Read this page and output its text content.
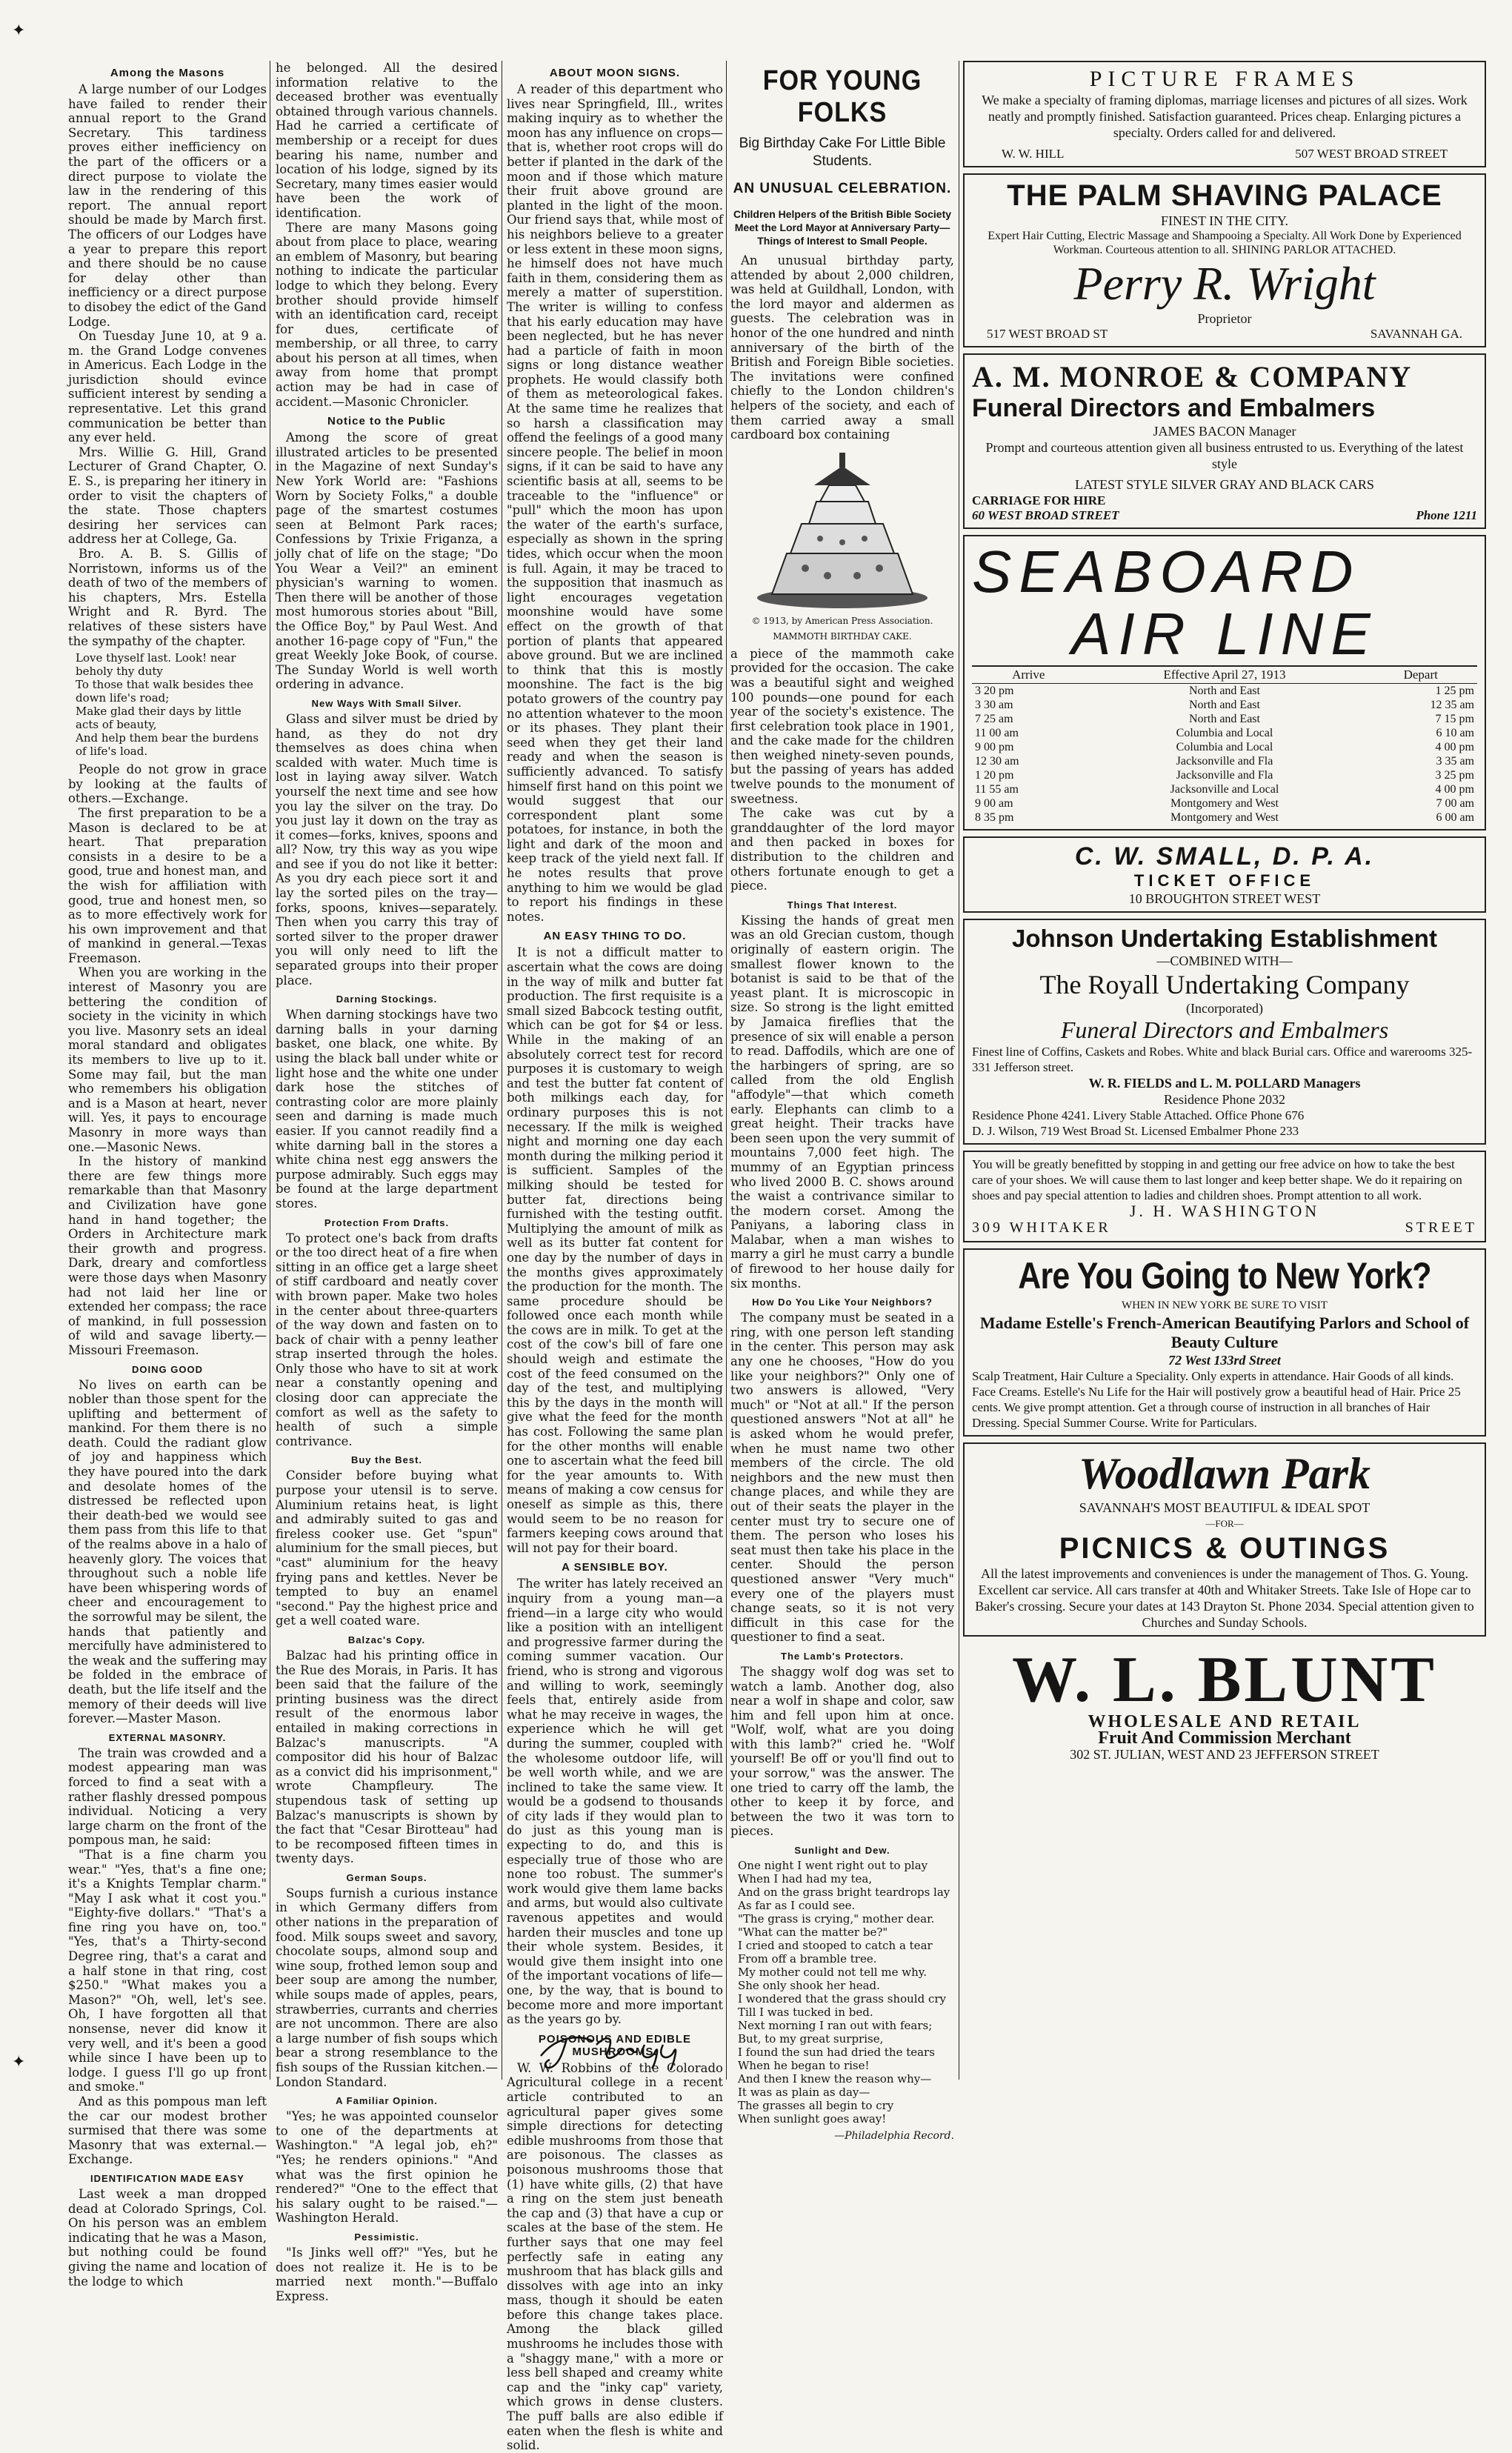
✦
✦
Among the Masons

A large number of our Lodges have failed to render their annual report to the Grand Secretary. This tardiness proves either inefficiency on the part of the officers or a direct purpose to violate the law in the rendering of this report. The annual report should be made by March first. The officers of our Lodges have a year to prepare this report and there should be no cause for delay other than inefficiency or a direct purpose to disobey the edict of the Gand Lodge.

On Tuesday June 10, at 9 a. m. the Grand Lodge convenes in Americus. Each Lodge in the jurisdiction should evince sufficient interest by sending a representative. Let this grand communication be better than any ever held.

Mrs. Willie G. Hill, Grand Lecturer of Grand Chapter, O. E. S., is preparing her itinery in order to visit the chapters of the state. Those chapters desiring her services can address her at College, Ga.

Bro. A. B. S. Gillis of Norristown, informs us of the death of two of the members of his chapters, Mrs. Estella Wright and R. Byrd. The relatives of these sisters have the sympathy of the chapter.

Love thyself last. Look! near beholy thy duty
To those that walk besides thee down life's road;
Make glad their days by little acts of beauty,
And help them bear the burdens of life's load.

People do not grow in grace by looking at the faults of others.—Exchange.

The first preparation to be a Mason is declared to be at heart. That preparation consists in a desire to be a good, true and honest man, and the wish for affiliation with good, true and honest men, so as to more effectively work for his own improvement and that of mankind in general.—Texas Freemason.

When you are working in the interest of Masonry you are bettering the condition of society in the vicinity in which you live. Masonry sets an ideal moral standard and obligates its members to live up to it. Some may fail, but the man who remembers his obligation and is a Mason at heart, never will. Yes, it pays to encourage Masonry in more ways than one.—Masonic News.

In the history of mankind there are few things more remarkable than that Masonry and Civilization have gone hand in hand together; the Orders in Architecture mark their growth and progress. Dark, dreary and comfortless were those days when Masonry had not laid her line or extended her compass; the race of mankind, in full possession of wild and savage liberty.—Missouri Freemason.

DOING GOOD

No lives on earth can be nobler than those spent for the uplifting and betterment of mankind. For them there is no death. Could the radiant glow of joy and happiness which they have poured into the dark and desolate homes of the distressed be reflected upon their death-bed we would see them pass from this life to that of the realms above in a halo of heavenly glory. The voices that throughout such a noble life have been whispering words of cheer and encouragement to the sorrowful may be silent, the hands that patiently and mercifully have administered to the weak and the suffering may be folded in the embrace of death, but the life itself and the memory of their deeds will live forever.—Master Mason.

EXTERNAL MASONRY.

The train was crowded and a modest appearing man was forced to find a seat with a rather flashly dressed pompous individual. Noticing a very large charm on the front of the pompous man, he said:

"That is a fine charm you wear." "Yes, that's a fine one; it's a Knights Templar charm." "May I ask what it cost you." "Eighty-five dollars." "That's a fine ring you have on, too." "Yes, that's a Thirty-second Degree ring, that's a carat and a half stone in that ring, cost $250." "What makes you a Mason?" "Oh, well, let's see. Oh, I have forgotten all that nonsense, never did know it very well, and it's been a good while since I have been up to lodge. I guess I'll go up front and smoke."

And as this pompous man left the car our modest brother surmised that there was some Masonry that was external.—Exchange.

IDENTIFICATION MADE EASY

Last week a man dropped dead at Colorado Springs, Col. On his person was an emblem indicating that he was a Mason, but nothing could be found giving the name and location of the lodge to which

he belonged. All the desired information relative to the deceased brother was eventually obtained through various channels. Had he carried a certificate of membership or a receipt for dues bearing his name, number and location of his lodge, signed by its Secretary, many times easier would have been the work of identification.

There are many Masons going about from place to place, wearing an emblem of Masonry, but bearing nothing to indicate the particular lodge to which they belong. Every brother should provide himself with an identification card, receipt for dues, certificate of membership, or all three, to carry about his person at all times, when away from home that prompt action may be had in case of accident.—Masonic Chronicler.

Notice to the Public

Among the score of great illustrated articles to be presented in the Magazine of next Sunday's New York World are: "Fashions Worn by Society Folks," a double page of the smartest costumes seen at Belmont Park races; Confessions by Trixie Friganza, a jolly chat of life on the stage; "Do You Wear a Veil?" an eminent physician's warning to women. Then there will be another of those most humorous stories about "Bill, the Office Boy," by Paul West. And another 16-page copy of "Fun," the great Weekly Joke Book, of course. The Sunday World is well worth ordering in advance.

New Ways With Small Silver.

Glass and silver must be dried by hand, as they do not dry themselves as does china when scalded with water. Much time is lost in laying away silver. Watch yourself the next time and see how you lay the silver on the tray. Do you just lay it down on the tray as it comes—forks, knives, spoons and all? Now, try this way as you wipe and see if you do not like it better: As you dry each piece sort it and lay the sorted piles on the tray—forks, spoons, knives—separately. Then when you carry this tray of sorted silver to the proper drawer you will only need to lift the separated groups into their proper place.

Darning Stockings.

When darning stockings have two darning balls in your darning basket, one black, one white. By using the black ball under white or light hose and the white one under dark hose the stitches of contrasting color are more plainly seen and darning is made much easier. If you cannot readily find a white darning ball in the stores a white china nest egg answers the purpose admirably. Such eggs may be found at the large department stores.

Protection From Drafts.

To protect one's back from drafts or the too direct heat of a fire when sitting in an office get a large sheet of stiff cardboard and neatly cover with brown paper. Make two holes in the center about three-quarters of the way down and fasten on to back of chair with a penny leather strap inserted through the holes. Only those who have to sit at work near a constantly opening and closing door can appreciate the comfort as well as the safety to health of such a simple contrivance.

Buy the Best.

Consider before buying what purpose your utensil is to serve. Aluminium retains heat, is light and admirably suited to gas and fireless cooker use. Get "spun" aluminium for the small pieces, but "cast" aluminium for the heavy frying pans and kettles. Never be tempted to buy an enamel "second." Pay the highest price and get a well coated ware.

Balzac's Copy.

Balzac had his printing office in the Rue des Morais, in Paris. It has been said that the failure of the printing business was the direct result of the enormous labor entailed in making corrections in Balzac's manuscripts. "A compositor did his hour of Balzac as a convict did his imprisonment," wrote Champfleury. The stupendous task of setting up Balzac's manuscripts is shown by the fact that "Cesar Birotteau" had to be recomposed fifteen times in twenty days.

German Soups.

Soups furnish a curious instance in which Germany differs from other nations in the preparation of food. Milk soups sweet and savory, chocolate soups, almond soup and wine soup, frothed lemon soup and beer soup are among the number, while soups made of apples, pears, strawberries, currants and cherries are not uncommon. There are also a large number of fish soups which bear a strong resemblance to the fish soups of the Russian kitchen.—London Standard.

A Familiar Opinion.

"Yes; he was appointed counselor to one of the departments at Washington." "A legal job, eh?" "Yes; he renders opinions." "And what was the first opinion he rendered?" "One to the effect that his salary ought to be raised."—Washington Herald.

Pessimistic.

"Is Jinks well off?" "Yes, but he does not realize it. He is to be married next month."—Buffalo Express.

ABOUT MOON SIGNS.

A reader of this department who lives near Springfield, Ill., writes making inquiry as to whether the moon has any influence on crops—that is, whether root crops will do better if planted in the dark of the moon and if those which mature their fruit above ground are planted in the light of the moon. Our friend says that, while most of his neighbors believe to a greater or less extent in these moon signs, he himself does not have much faith in them, considering them as merely a matter of superstition. The writer is willing to confess that his early education may have been neglected, but he has never had a particle of faith in moon signs or long distance weather prophets. He would classify both of them as meteorological fakes. At the same time he realizes that so harsh a classification may offend the feelings of a good many sincere people. The belief in moon signs, if it can be said to have any scientific basis at all, seems to be traceable to the "influence" or "pull" which the moon has upon the water of the earth's surface, especially as shown in the spring tides, which occur when the moon is full. Again, it may be traced to the supposition that inasmuch as light encourages vegetation moonshine would have some effect on the growth of that portion of plants that appeared above ground. But we are inclined to think that this is mostly moonshine. The fact is the big potato growers of the country pay no attention whatever to the moon or its phases. They plant their seed when they get their land ready and when the season is sufficiently advanced. To satisfy himself first hand on this point we would suggest that our correspondent plant some potatoes, for instance, in both the light and dark of the moon and keep track of the yield next fall. If he notes results that prove anything to him we would be glad to report his findings in these notes.

AN EASY THING TO DO.

It is not a difficult matter to ascertain what the cows are doing in the way of milk and butter fat production. The first requisite is a small sized Babcock testing outfit, which can be got for $4 or less. While in the making of an absolutely correct test for record purposes it is customary to weigh and test the butter fat content of both milkings each day, for ordinary purposes this is not necessary. If the milk is weighed night and morning one day each month during the milking period it is sufficient. Samples of the milking should be tested for butter fat, directions being furnished with the testing outfit. Multiplying the amount of milk as well as its butter fat content for one day by the number of days in the months gives approximately the production for the month. The same procedure should be followed once each month while the cows are in milk. To get at the cost of the cow's bill of fare one should weigh and estimate the cost of the feed consumed on the day of the test, and multiplying this by the days in the month will give what the feed for the month has cost. Following the same plan for the other months will enable one to ascertain what the feed bill for the year amounts to. With means of making a cow census for oneself as simple as this, there would seem to be no reason for farmers keeping cows around that will not pay for their board.

A SENSIBLE BOY.

The writer has lately received an inquiry from a young man—a friend—in a large city who would like a position with an intelligent and progressive farmer during the coming summer vacation. Our friend, who is strong and vigorous and willing to work, seemingly feels that, entirely aside from what he may receive in wages, the experience which he will get during the summer, coupled with the wholesome outdoor life, will be well worth while, and we are inclined to take the same view. It would be a godsend to thousands of city lads if they would plan to do just as this young man is expecting to do, and this is especially true of those who are none too robust. The summer's work would give them lame backs and arms, but would also cultivate ravenous appetites and would harden their muscles and tone up their whole system. Besides, it would give them insight into one of the important vocations of life—one, by the way, that is bound to become more and more important as the years go by.

POISONOUS AND EDIBLE MUSHROOMS.

W. W. Robbins of the Colorado Agricultural college in a recent article contributed to an agricultural paper gives some simple directions for detecting edible mushrooms from those that are poisonous. The classes as poisonous mushrooms those that (1) have white gills, (2) that have a ring on the stem just beneath the cap and (3) that have a cup or scales at the base of the stem. He further says that one may feel perfectly safe in eating any mushroom that has black gills and dissolves with age into an inky mass, though it should be eaten before this change takes place. Among the black gilled mushrooms he includes those with a "shaggy mane," with a more or less bell shaped and creamy white cap and the "inky cap" variety, which grows in dense clusters. The puff balls are also edible if eaten when the flesh is white and solid.

FOR YOUNG FOLKS
Big Birthday Cake For Little Bible Students.
AN UNUSUAL CELEBRATION.
Children Helpers of the British Bible Society Meet the Lord Mayor at Anniversary Party—Things of Interest to Small People.

An unusual birthday party, attended by about 2,000 children, was held at Guildhall, London, with the lord mayor and aldermen as guests. The celebration was in honor of the one hundred and ninth anniversary of the birth of the British and Foreign Bible societies. The invitations were confined chiefly to the London children's helpers of the society, and each of them carried away a small cardboard box containing

© 1913, by American Press Association.
MAMMOTH BIRTHDAY CAKE.

a piece of the mammoth cake provided for the occasion. The cake was a beautiful sight and weighed 100 pounds—one pound for each year of the society's existence. The first celebration took place in 1901, and the cake made for the children then weighed ninety-seven pounds, but the passing of years has added twelve pounds to the monument of sweetness.

The cake was cut by a granddaughter of the lord mayor and then packed in boxes for distribution to the children and others fortunate enough to get a piece.

Things That Interest.

Kissing the hands of great men was an old Grecian custom, though originally of eastern origin. The smallest flower known to the botanist is said to be that of the yeast plant. It is microscopic in size. So strong is the light emitted by Jamaica fireflies that the presence of six will enable a person to read. Daffodils, which are one of the harbingers of spring, are so called from the old English "affodyle"—that which cometh early. Elephants can climb to a great height. Their tracks have been seen upon the very summit of mountains 7,000 feet high. The mummy of an Egyptian princess who lived 2000 B. C. shows around the waist a contrivance similar to the modern corset. Among the Paniyans, a laboring class in Malabar, when a man wishes to marry a girl he must carry a bundle of firewood to her house daily for six months.

How Do You Like Your Neighbors?

The company must be seated in a ring, with one person left standing in the center. This person may ask any one he chooses, "How do you like your neighbors?" Only one of two answers is allowed, "Very much" or "Not at all." If the person questioned answers "Not at all" he is asked whom he would prefer, when he must name two other members of the circle. The old neighbors and the new must then change places, and while they are out of their seats the player in the center must try to secure one of them. The person who loses his seat must then take his place in the center. Should the person questioned answer "Very much" every one of the players must change seats, so it is not very difficult in this case for the questioner to find a seat.

The Lamb's Protectors.

The shaggy wolf dog was set to watch a lamb. Another dog, also near a wolf in shape and color, saw him and fell upon him at once. "Wolf, wolf, what are you doing with this lamb?" cried he. "Wolf yourself! Be off or you'll find out to your sorrow," was the answer. The one tried to carry off the lamb, the other to keep it by force, and between the two it was torn to pieces.

Sunlight and Dew.
One night I went right out to play
When I had had my tea,
And on the grass bright teardrops lay
As far as I could see.
"The grass is crying," mother dear.
"What can the matter be?"
I cried and stooped to catch a tear
From off a bramble tree.
My mother could not tell me why.
She only shook her head.
I wondered that the grass should cry
Till I was tucked in bed.
Next morning I ran out with fears;
But, to my great surprise,
I found the sun had dried the tears
When he began to rise!
And then I knew the reason why—
It was as plain as day—
The grasses all begin to cry
When sunlight goes away!
—Philadelphia Record.
PICTURE FRAMES
We make a specialty of framing diplomas, marriage licenses and pictures of all sizes. Work neatly and promptly finished. Satisfaction guaranteed. Prices cheap. Enlarging pictures a specialty. Orders called for and delivered.
W. W. HILL	507 WEST BROAD STREET
THE PALM SHAVING PALACE
FINEST IN THE CITY.
Expert Hair Cutting, Electric Massage and Shampooing a Specialty. All Work Done by Experienced Workman. Courteous attention to all. SHINING PARLOR ATTACHED.
Perry R. Wright
Proprietor
517 WEST BROAD ST	SAVANNAH GA.
A. M. MONROE & COMPANY
Funeral Directors and Embalmers
JAMES BACON Manager
Prompt and courteous attention given all business entrusted to us. Everything of the latest style
LATEST STYLE SILVER GRAY AND BLACK CARS
CARRIAGE FOR HIRE
60 WEST BROAD STREET	Phone 1211
SEABOARD
AIR LINE
Arrive	Effective April 27, 1913	Depart
3 20 pm	North and East	1 25 pm
3 30 am	North and East	12 35 am
7 25 am	North and East	7 15 pm
11 00 am	Columbia and Local	6 10 am
9 00 pm	Columbia and Local	4 00 pm
12 30 am	Jacksonville and Fla	3 35 am
1 20 pm	Jacksonville and Fla	3 25 pm
11 55 am	Jacksonville and Local	4 00 pm
9 00 am	Montgomery and West	7 00 am
8 35 pm	Montgomery and West	6 00 am
C. W. SMALL, D. P. A.
TICKET OFFICE
10 BROUGHTON STREET WEST
Johnson Undertaking Establishment
—COMBINED WITH—
The Royall Undertaking Company
(Incorporated)
Funeral Directors and Embalmers
Finest line of Coffins, Caskets and Robes. White and black Burial cars. Office and warerooms 325-331 Jefferson street.
W. R. FIELDS and L. M. POLLARD Managers
Residence Phone 2032
Residence Phone 4241. Livery Stable Attached. Office Phone 676
D. J. Wilson, 719 West Broad St. Licensed Embalmer Phone 233
You will be greatly benefitted by stopping in and getting our free advice on how to take the best care of your shoes. We will cause them to last longer and keep better shape. We do it repairing on shoes and pay special attention to ladies and children shoes. Prompt attention to all work.
J. H. WASHINGTON
309 WHITAKER	STREET
Are You Going to New York?
WHEN IN NEW YORK BE SURE TO VISIT
Madame Estelle's French-American Beautifying Parlors and School of Beauty Culture
72 West 133rd Street
Scalp Treatment, Hair Culture a Speciality. Only experts in attendance. Hair Goods of all kinds. Face Creams. Estelle's Nu Life for the Hair will postively grow a beautiful head of Hair. Price 25 cents. We give prompt attention. Get a through course of instruction in all branches of Hair Dressing. Special Summer Course. Write for Particulars.
Woodlawn Park
SAVANNAH'S MOST BEAUTIFUL & IDEAL SPOT
—FOR—
PICNICS & OUTINGS
All the latest improvements and conveniences is under the management of Thos. G. Young. Excellent car service. All cars transfer at 40th and Whitaker Streets. Take Isle of Hope car to Baker's crossing. Secure your dates at 143 Drayton St. Phone 2034. Special attention given to Churches and Sunday Schools.
W. L. BLUNT
WHOLESALE AND RETAIL
Fruit And Commission Merchant
302 ST. JULIAN, WEST AND 23 JEFFERSON STREET
